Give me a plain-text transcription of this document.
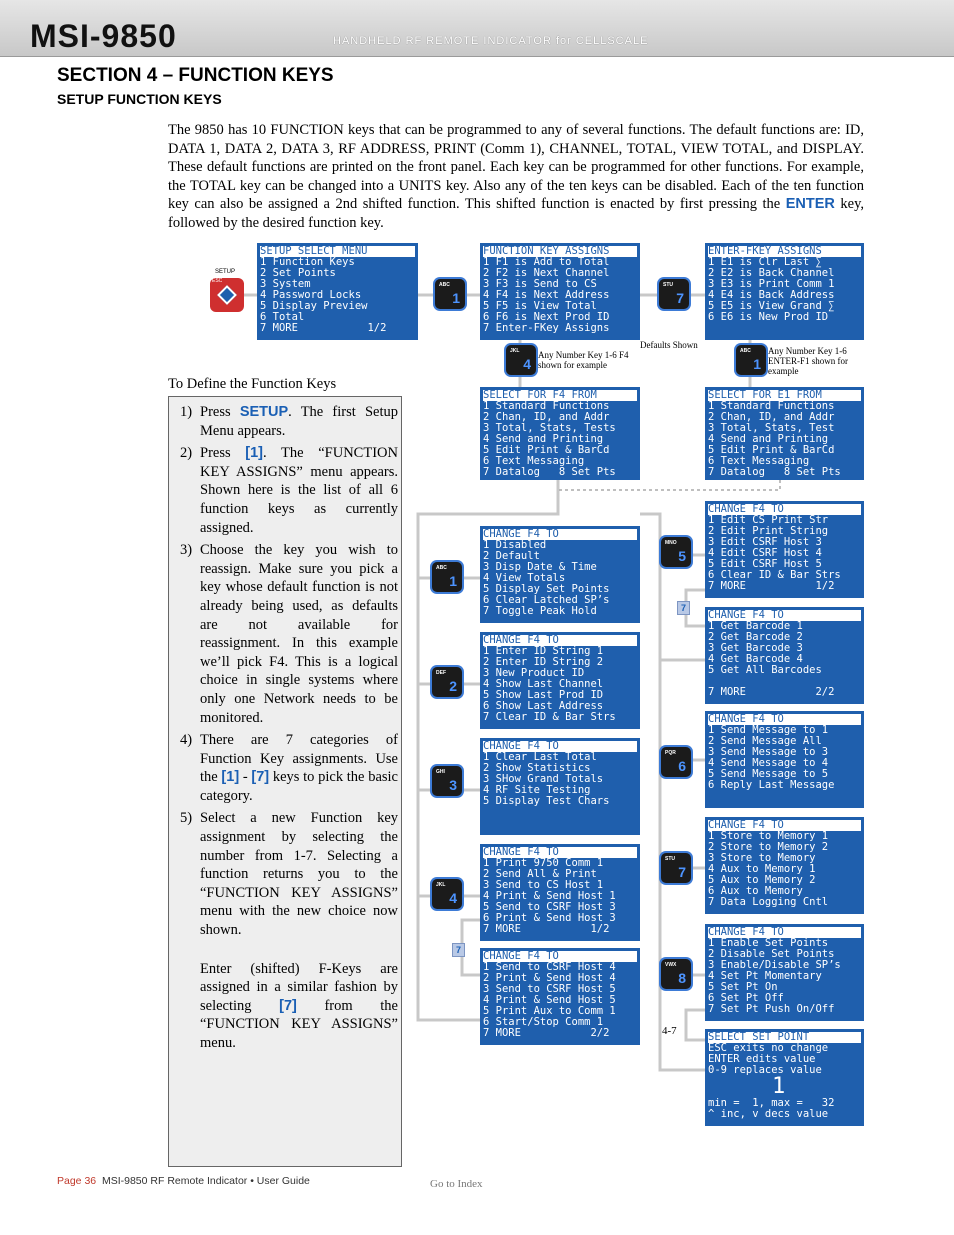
MSI-9850	HANDHELD RF REMOTE INDICATOR for CELLSCALE
SECTION 4 – FUNCTION KEYS
SETUP FUNCTION KEYS
The 9850 has 10 FUNCTION keys that can be programmed to any of several functions. The default functions are: ID, DATA 1, DATA 2, DATA 3, RF ADDRESS, PRINT (Comm 1), CHANNEL, TOTAL, VIEW TOTAL, and DISPLAY. These default functions are printed on the front panel. Each key can be programmed for other functions. For example, the TOTAL key can be changed into a UNITS key. Also any of the ten keys can be disabled. Each of the ten function key can also be assigned a 2nd shifted function. This shifted function is enacted by first pressing the ENTER key, followed by the desired function key.
To Define the Function Keys
1) Press SETUP. The first Setup Menu appears.
2) Press [1]. The “FUNCTION KEY ASSIGNS” menu appears. Shown here is the list of all 6 function keys as currently assigned.
3) Choose the key you wish to reassign. Make sure you pick a key whose default function is not already being used, as defaults are not available for reassignment. In this example we’ll pick F4. This is a logical choice in single systems where only one Network needs to be monitored.
4) There are 7 categories of Function Key assignments. Use the [1] - [7] keys to pick the basic category.
5) Select a new Function key assignment by selecting the number from 1-7. Selecting a function returns you to the “FUNCTION KEY ASSIGNS” menu with the new choice now shown.
Enter (shifted) F-Keys are assigned in a similar fashion by selecting [7] from the “FUNCTION KEY ASSIGNS” menu.
SETUP
ESC
SETUP SELECT MENU
1 Function Keys
2 Set Points
3 System
4 Password Locks
5 Display Preview
6 Total
7 MORE           1/2
FUNCTION KEY ASSIGNS
1 F1 is Add to Total
2 F2 is Next Channel
3 F3 is Send to CS
4 F4 is Next Address
5 F5 is View Total
6 F6 is Next Prod ID
7 Enter-FKey Assigns
ENTER-FKEY ASSIGNS
1 E1 is Clr Last ∑
2 E2 is Back Channel
3 E3 is Print Comm 1
4 E4 is Back Address
5 E5 is View Grand ∑
6 E6 is New Prod ID
SELECT FOR F4 FROM
1 Standard Functions
2 Chan, ID, and Addr
3 Total, Stats, Tests
4 Send and Printing
5 Edit Print & BarCd
6 Text Messaging
7 Datalog   8 Set Pts
SELECT FOR E1 FROM
1 Standard Functions
2 Chan, ID, and Addr
3 Total, Stats, Test
4 Send and Printing
5 Edit Print & BarCd
6 Text Messaging
7 Datalog   8 Set Pts
CHANGE F4 TO
1 Disabled
2 Default
3 Disp Date & Time
4 View Totals
5 Display Set Points
6 Clear Latched SP’s
7 Toggle Peak Hold
CHANGE F4 TO
1 Enter ID String 1
2 Enter ID String 2
3 New Product ID
4 Show Last Channel
5 Show Last Prod ID
6 Show Last Address
7 Clear ID & Bar Strs
CHANGE F4 TO
1 Clear Last Total
2 Show Statistics
3 SHow Grand Totals
4 RF Site Testing
5 Display Test Chars
CHANGE F4 TO
1 Print 9750 Comm 1
2 Send All & Print
3 Send to CS Host 1
4 Print & Send Host 1
5 Send to CSRF Host 3
6 Print & Send Host 3
7 MORE           1/2
CHANGE F4 TO
1 Send to CSRF Host 4
2 Print & Send Host 4
3 Send to CSRF Host 5
4 Print & Send Host 5
5 Print Aux to Comm 1
6 Start/Stop Comm 1
7 MORE           2/2
CHANGE F4 TO
1 Edit CS Print Str
2 Edit Print String
3 Edit CSRF Host 3
4 Edit CSRF Host 4
5 Edit CSRF Host 5
6 Clear ID & Bar Strs
7 MORE           1/2
CHANGE F4 TO
1 Get Barcode 1
2 Get Barcode 2
3 Get Barcode 3
4 Get Barcode 4
5 Get All Barcodes

7 MORE           2/2
CHANGE F4 TO
1 Send Message to 1
2 Send Message All
3 Send Message to 3
4 Send Message to 4
5 Send Message to 5
6 Reply Last Message
CHANGE F4 TO
1 Store to Memory 1
2 Store to Memory 2
3 Store to Memory
4 Aux to Memory 1
5 Aux to Memory 2
6 Aux to Memory
7 Data Logging Cntl
CHANGE F4 TO
1 Enable Set Points
2 Disable Set Points
3 Enable/Disable SP’s
4 Set Pt Momentary
5 Set Pt On
6 Set Pt Off
7 Set Pt Push On/Off
SELECT SET POINT
ESC exits no change
ENTER edits value
0-9 replaces value
1
min =  1, max =   32
^ inc, v decs value
ABC
1
STU
7
JKL
4
ABC
1
ABC
1
DEF
2
GHI
3
JKL
4
MNO
5
PQR
6
STU
7
VWX
8
7
7
Any Number Key 1-6 F4 shown for example
Defaults Shown
Any Number Key 1-6 ENTER-F1 shown for example
4-7
Page 36 MSI-9850 RF Remote Indicator • User Guide	Go to Index
